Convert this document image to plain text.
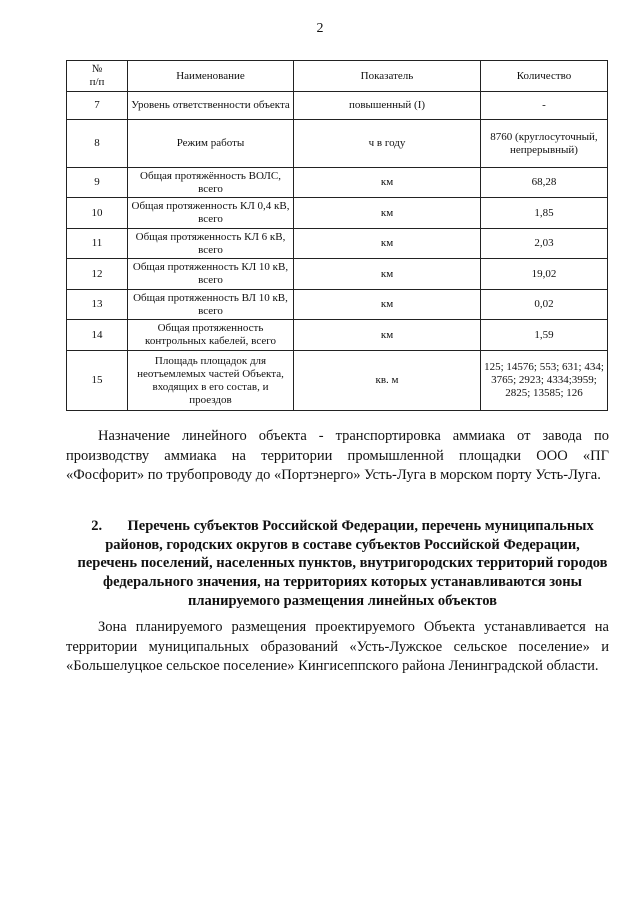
2
№
п/п	Наименование	Показатель	Количество
7	Уровень ответственности объекта	повышенный (I)	-
8	Режим работы	ч в году	8760 (круглосуточный, непрерывный)
9	Общая протяжённость ВОЛС, всего	км	68,28
10	Общая протяженность КЛ 0,4 кВ, всего	км	1,85
11	Общая протяженность КЛ 6 кВ, всего	км	2,03
12	Общая протяженность КЛ 10 кВ, всего	км	19,02
13	Общая протяженность ВЛ 10 кВ, всего	км	0,02
14	Общая протяженность контрольных кабелей, всего	км	1,59
15	Площадь площадок для неотъемлемых частей Объекта, входящих в его состав, и проездов	кв. м	125; 14576; 553; 631; 434; 3765; 2923; 4334;3959; 2825; 13585; 126

Назначение линейного объекта - транспортировка аммиака от завода по производству аммиака на территории промышленной площадки ООО «ПГ «Фосфорит» по трубопроводу до «Портэнерго» Усть-Луга в морском порту Усть-Луга.

2. Перечень субъектов Российской Федерации, перечень муниципальных районов, городских округов в составе субъектов Российской Федерации, перечень поселений, населенных пунктов, внутригородских территорий городов федерального значения, на территориях которых устанавливаются зоны планируемого размещения линейных объектов

Зона планируемого размещения проектируемого Объекта устанавливается на территории муниципальных образований «Усть-Лужское сельское поселение» и «Большелуцкое сельское поселение» Кингисеппского района Ленинградской области.
